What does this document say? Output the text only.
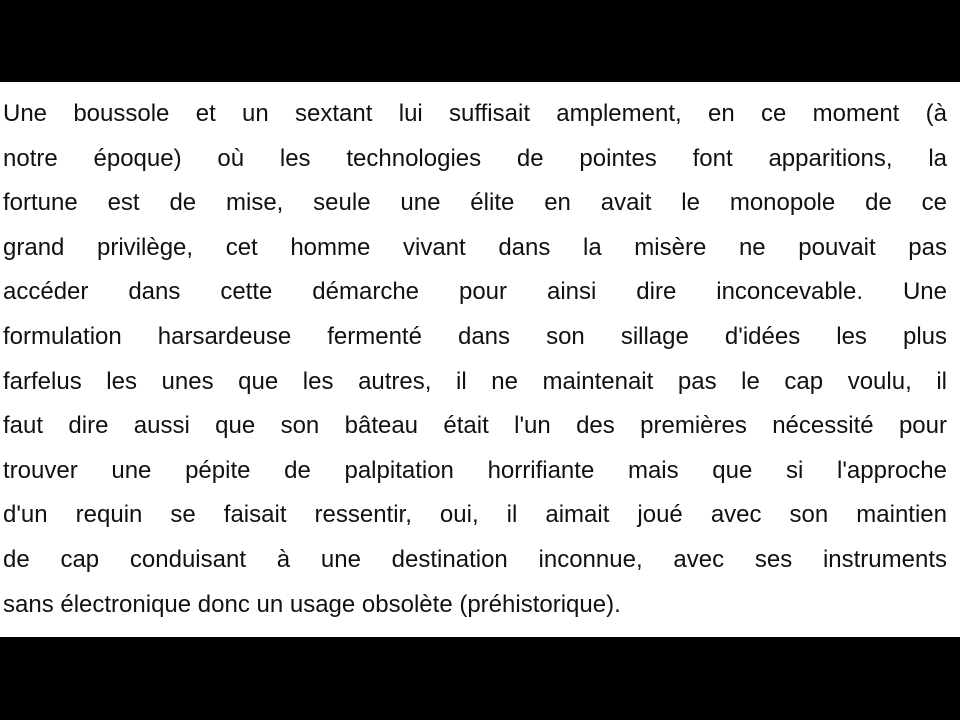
Une boussole et un sextant lui suffisait amplement, en ce moment (à
notre époque) où les technologies de pointes font apparitions, la
fortune est de mise, seule une élite en avait le monopole de ce
grand privilège, cet homme vivant dans la misère ne pouvait pas
accéder dans cette démarche pour ainsi dire inconcevable. Une
formulation harsardeuse fermenté dans son sillage d'idées les plus
farfelus les unes que les autres, il ne maintenait pas le cap voulu, il
faut dire aussi que son bâteau était l'un des premières nécessité pour
trouver une pépite de palpitation horrifiante mais que si l'approche
d'un requin se faisait ressentir, oui, il aimait joué avec son maintien
de cap conduisant à une destination inconnue, avec ses instruments
sans électronique donc un usage obsolète (préhistorique).
